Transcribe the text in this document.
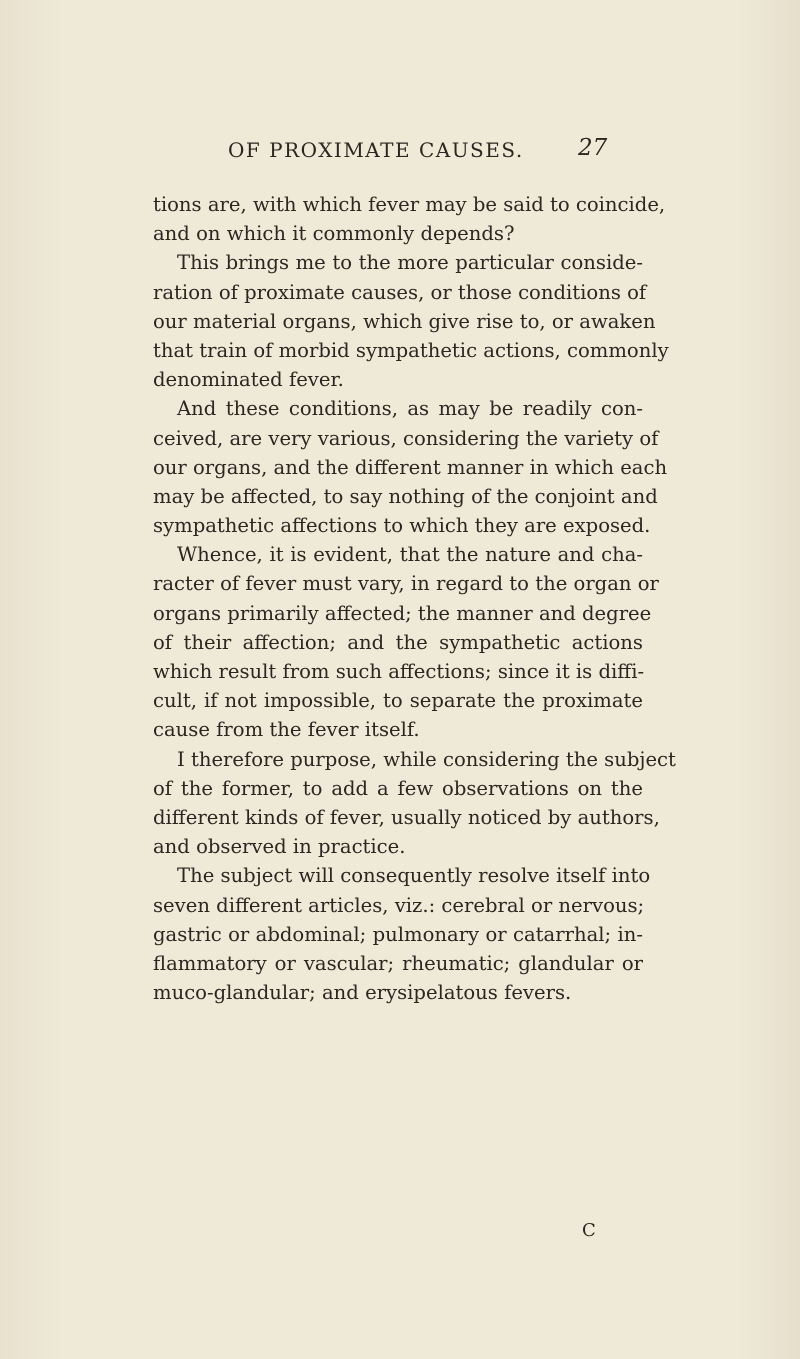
OF PROXIMATE CAUSES. 27
tions are, with which fever may be said to coincide,
and on which it commonly depends?
This brings me to the more particular conside-
ration of proximate causes, or those conditions of
our material organs, which give rise to, or awaken
that train of morbid sympathetic actions, commonly
denominated fever.
And these conditions, as may be readily con-
ceived, are very various, considering the variety of
our organs, and the different manner in which each
may be affected, to say nothing of the conjoint and
sympathetic affections to which they are exposed.
Whence, it is evident, that the nature and cha-
racter of fever must vary, in regard to the organ or
organs primarily affected; the manner and degree
of their affection; and the sympathetic actions
which result from such affections; since it is diffi-
cult, if not impossible, to separate the proximate
cause from the fever itself.
I therefore purpose, while considering the subject
of the former, to add a few observations on the
different kinds of fever, usually noticed by authors,
and observed in practice.
The subject will consequently resolve itself into
seven different articles, viz.: cerebral or nervous;
gastric or abdominal; pulmonary or catarrhal; in-
flammatory or vascular; rheumatic; glandular or
muco-glandular; and erysipelatous fevers.
C
